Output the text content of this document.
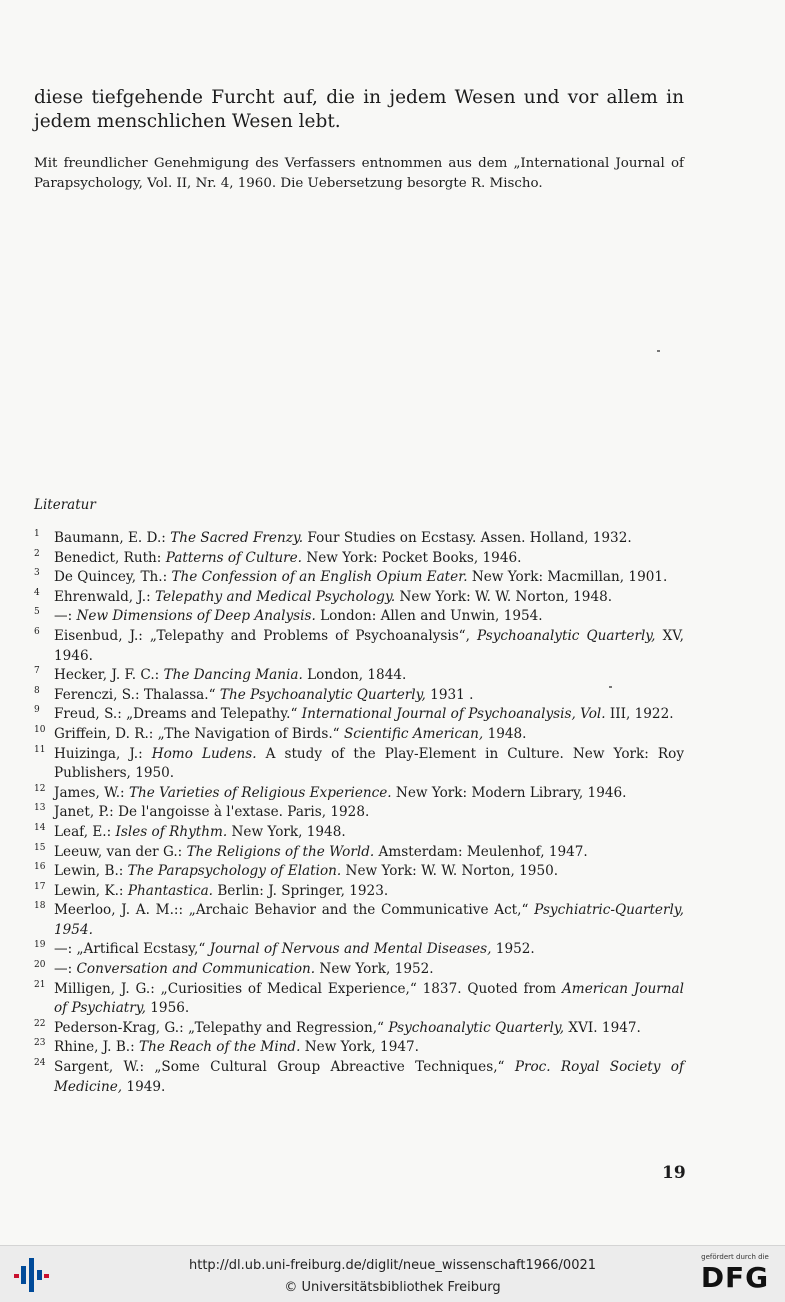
diese tiefgehende Furcht auf, die in jedem Wesen und vor allem in jedem menschlichen Wesen lebt.
Mit freundlicher Genehmigung des Verfassers entnommen aus dem „International Journal of Parapsychology, Vol. II, Nr. 4, 1960. Die Uebersetzung besorgte R. Mischo.
Literatur
1 Baumann, E. D.: The Sacred Frenzy. Four Studies on Ecstasy. Assen. Holland, 1932.
2 Benedict, Ruth: Patterns of Culture. New York: Pocket Books, 1946.
3 De Quincey, Th.: The Confession of an English Opium Eater. New York: Macmillan, 1901.
4 Ehrenwald, J.: Telepathy and Medical Psychology. New York: W. W. Norton, 1948.
5 —: New Dimensions of Deep Analysis. London: Allen and Unwin, 1954.
6 Eisenbud, J.: „Telepathy and Problems of Psychoanalysis“, Psychoanalytic Quarterly, XV, 1946.
7 Hecker, J. F. C.: The Dancing Mania. London, 1844.
8 Ferenczi, S.: Thalassa.“ The Psychoanalytic Quarterly, 1931 .
9 Freud, S.: „Dreams and Telepathy.“ International Journal of Psychoanalysis, Vol. III, 1922.
10 Griffein, D. R.: „The Navigation of Birds.“ Scientific American, 1948.
11 Huizinga, J.: Homo Ludens. A study of the Play-Element in Culture. New York: Roy Publishers, 1950.
12 James, W.: The Varieties of Religious Experience. New York: Modern Library, 1946.
13 Janet, P.: De l'angoisse à l'extase. Paris, 1928.
14 Leaf, E.: Isles of Rhythm. New York, 1948.
15 Leeuw, van der G.: The Religions of the World. Amsterdam: Meulenhof, 1947.
16 Lewin, B.: The Parapsychology of Elation. New York: W. W. Norton, 1950.
17 Lewin, K.: Phantastica. Berlin: J. Springer, 1923.
18 Meerloo, J. A. M.:: „Archaic Behavior and the Communicative Act,“ Psychiatric-Quarterly, 1954.
19 —: „Artifical Ecstasy,“ Journal of Nervous and Mental Diseases, 1952.
20 —: Conversation and Communication. New York, 1952.
21 Milligen, J. G.: „Curiosities of Medical Experience,“ 1837. Quoted from American Journal of Psychiatry, 1956.
22 Pederson-Krag, G.: „Telepathy and Regression,“ Psychoanalytic Quarterly, XVI. 1947.
23 Rhine, J. B.: The Reach of the Mind. New York, 1947.
24 Sargent, W.: „Some Cultural Group Abreactive Techniques,“ Proc. Royal Society of Medicine, 1949.
19
http://dl.ub.uni-freiburg.de/diglit/neue_wissenschaft1966/0021
© Universitätsbibliothek Freiburg
gefördert durch die
DFG
